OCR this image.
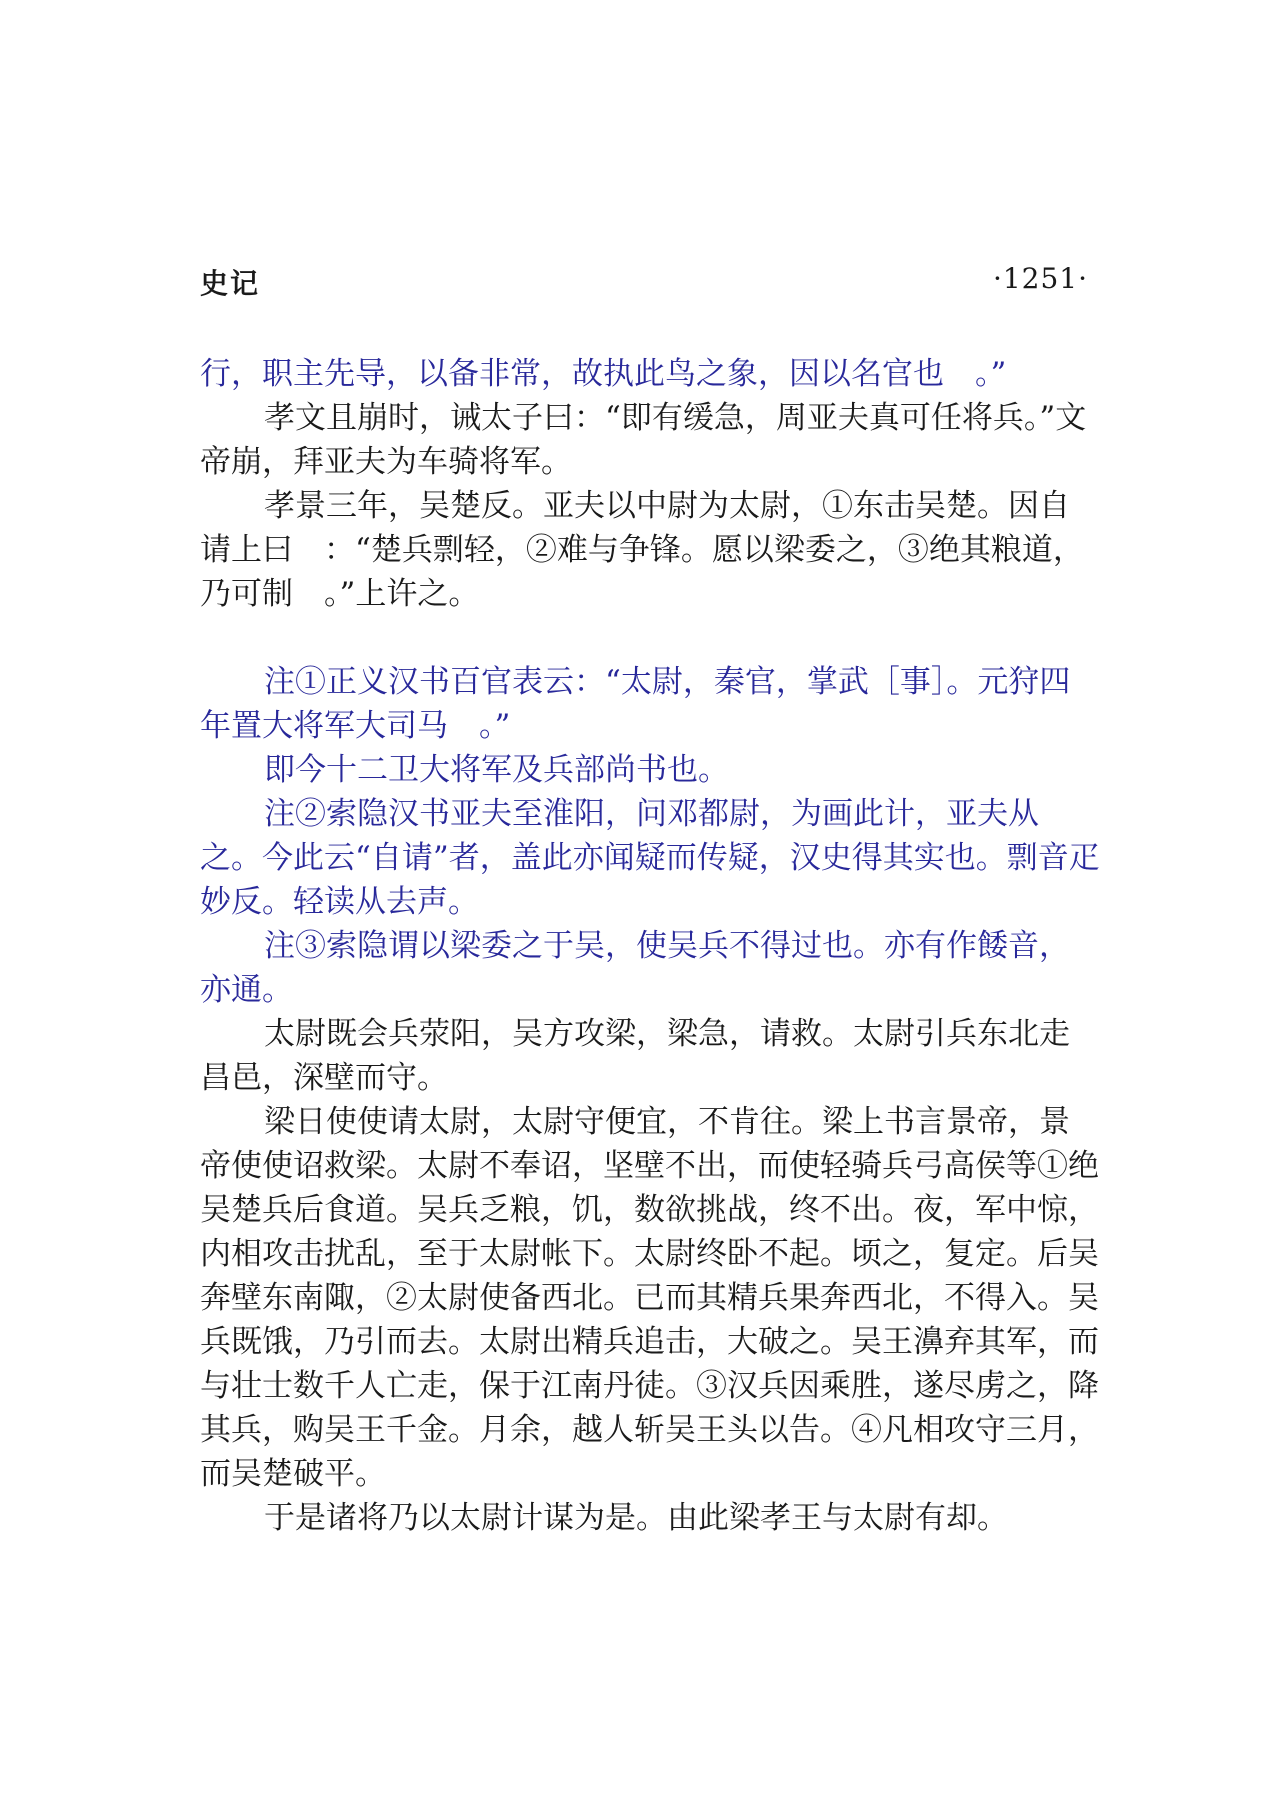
史记	·1251·

行，职主先导，以备非常，故执此鸟之象，因以名官也　。”

孝文且崩时，诫太子曰：“即有缓急，周亚夫真可任将兵。”文帝崩，拜亚夫为车骑将军。

孝景三年，吴楚反。亚夫以中尉为太尉，①东击吴楚。因自请上曰　：“楚兵剽轻，②难与争锋。愿以梁委之，③绝其粮道，乃可制　。”上许之。

注①正义汉书百官表云：“太尉，秦官，掌武［事］。元狩四年置大将军大司马　。”

即今十二卫大将军及兵部尚书也。

注②索隐汉书亚夫至淮阳，问邓都尉，为画此计，亚夫从之。今此云“自请”者，盖此亦闻疑而传疑，汉史得其实也。剽音疋妙反。轻读从去声。

注③索隐谓以梁委之于吴，使吴兵不得过也。亦有作餧音，亦通。

太尉既会兵荥阳，吴方攻梁，梁急，请救。太尉引兵东北走昌邑，深壁而守。

梁日使使请太尉，太尉守便宜，不肯往。梁上书言景帝，景帝使使诏救梁。太尉不奉诏，坚壁不出，而使轻骑兵弓高侯等①绝吴楚兵后食道。吴兵乏粮，饥，数欲挑战，终不出。夜，军中惊，内相攻击扰乱，至于太尉帐下。太尉终卧不起。顷之，复定。后吴奔壁东南陬，②太尉使备西北。已而其精兵果奔西北，不得入。吴兵既饿，乃引而去。太尉出精兵追击，大破之。吴王濞弃其军，而与壮士数千人亡走，保于江南丹徒。③汉兵因乘胜，遂尽虏之，降其兵，购吴王千金。月余，越人斩吴王头以告。④凡相攻守三月，而吴楚破平。

于是诸将乃以太尉计谋为是。由此梁孝王与太尉有却。
